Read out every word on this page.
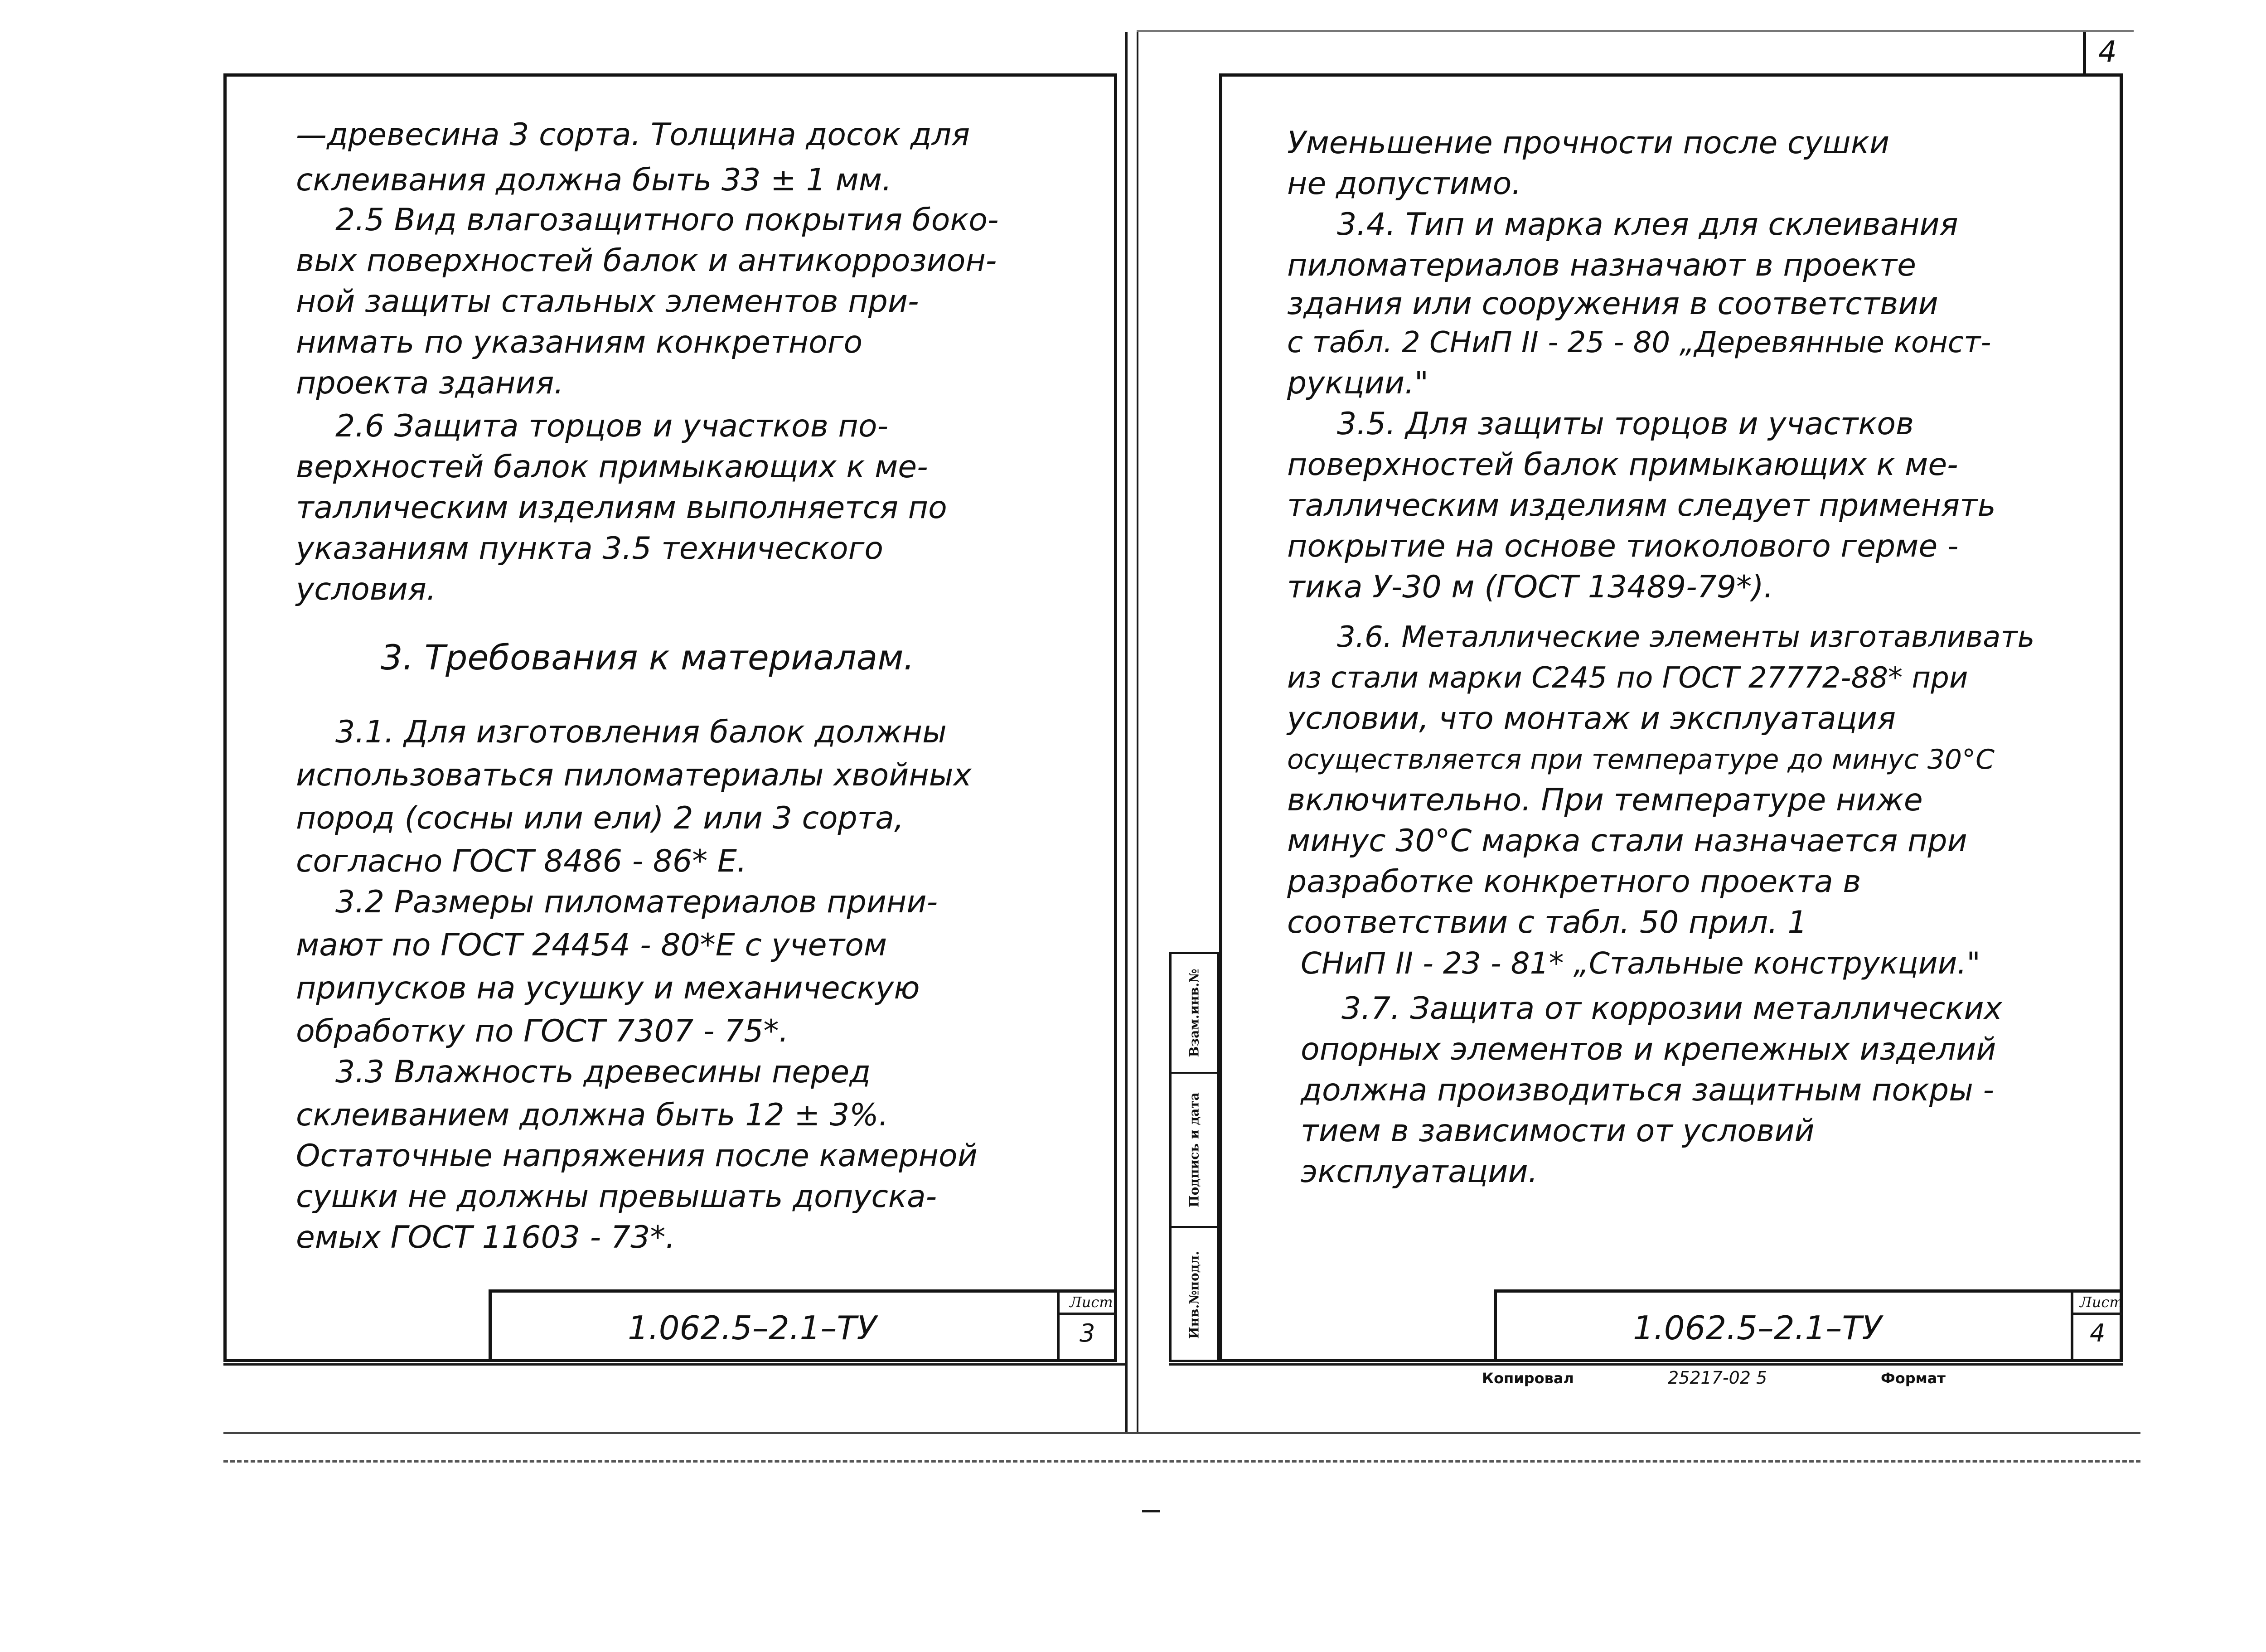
—древесина 3 сорта. Толщина досок для
склеивания должна быть 33 ± 1 мм.
2.5 Вид влагозащитного покрытия боко-
вых поверхностей балок и антикоррозион-
ной защиты стальных элементов при-
нимать по указаниям конкретного
проекта здания.
2.6 Защита торцов и участков по-
верхностей балок примыкающих к ме-
таллическим изделиям выполняется по
указаниям пункта 3.5 технического
условия.
3. Требования к материалам.
3.1. Для изготовления балок должны
использоваться пиломатериалы хвойных
пород (сосны или ели) 2 или 3 сорта,
согласно ГОСТ 8486 - 86* Е.
3.2 Размеры пиломатериалов прини-
мают по ГОСТ 24454 - 80*Е с учетом
припусков на усушку и механическую
обработку по ГОСТ 7307 - 75*.
3.3 Влажность древесины перед
склеиванием должна быть 12 ± 3%.
Остаточные напряжения после камерной
сушки не должны превышать допуска-
емых ГОСТ 11603 - 73*.
1.062.5–2.1–ТУ
Лист
3	Инв.№подл.
Подпись и дата
Взам.инв.№
4
Уменьшение прочности после сушки
не допустимо.
3.4. Тип и марка клея для склеивания
пиломатериалов назначают в проекте
здания или сооружения в соответствии
с табл. 2 СНиП II - 25 - 80 „Деревянные конст-
рукции."
3.5. Для защиты торцов и участков
поверхностей балок примыкающих к ме-
таллическим изделиям следует применять
покрытие на основе тиоколового герме -
тика У-30 м (ГОСТ 13489-79*).
3.6. Металлические элементы изготавливать
из стали марки С245 по ГОСТ 27772-88* при
условии, что монтаж и эксплуатация
осуществляется при температуре до минус 30°С
включительно. При температуре ниже
минус 30°С марка стали назначается при
разработке конкретного проекта в
соответствии с табл. 50 прил. 1
СНиП II - 23 - 81* „Стальные конструкции."
3.7. Защита от коррозии металлических
опорных элементов и крепежных изделий
должна производиться защитным покры -
тием в зависимости от условий
эксплуатации.
1.062.5–2.1–ТУ
Лист
4
Копировал	25217-02 5	Формат
